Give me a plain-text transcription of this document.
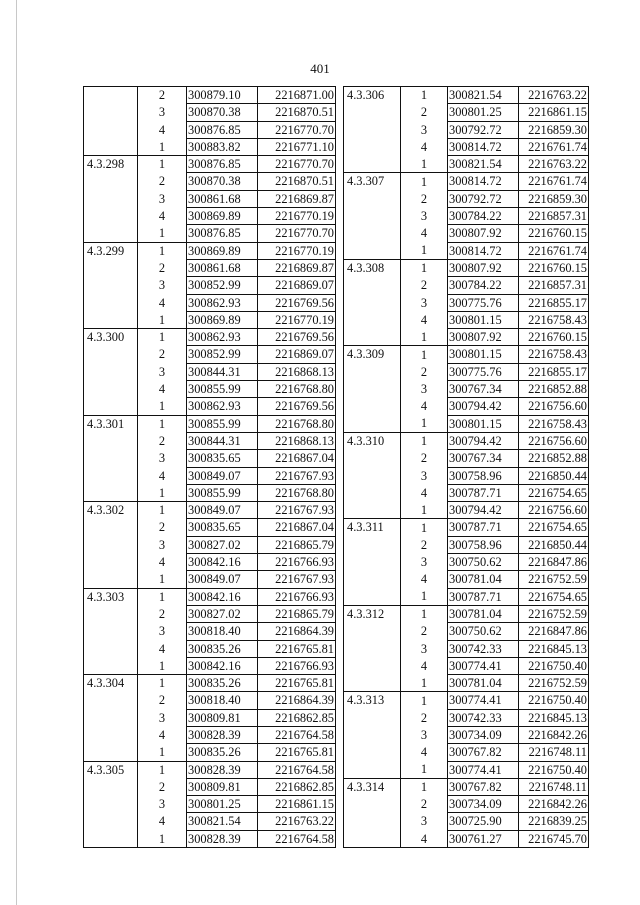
401
	2	300879.10	2216871.00
	3	300870.38	2216870.51
	4	300876.85	2216770.70
	1	300883.82	2216771.10
4.3.298	1	300876.85	2216770.70
	2	300870.38	2216870.51
	3	300861.68	2216869.87
	4	300869.89	2216770.19
	1	300876.85	2216770.70
4.3.299	1	300869.89	2216770.19
	2	300861.68	2216869.87
	3	300852.99	2216869.07
	4	300862.93	2216769.56
	1	300869.89	2216770.19
4.3.300	1	300862.93	2216769.56
	2	300852.99	2216869.07
	3	300844.31	2216868.13
	4	300855.99	2216768.80
	1	300862.93	2216769.56
4.3.301	1	300855.99	2216768.80
	2	300844.31	2216868.13
	3	300835.65	2216867.04
	4	300849.07	2216767.93
	1	300855.99	2216768.80
4.3.302	1	300849.07	2216767.93
	2	300835.65	2216867.04
	3	300827.02	2216865.79
	4	300842.16	2216766.93
	1	300849.07	2216767.93
4.3.303	1	300842.16	2216766.93
	2	300827.02	2216865.79
	3	300818.40	2216864.39
	4	300835.26	2216765.81
	1	300842.16	2216766.93
4.3.304	1	300835.26	2216765.81
	2	300818.40	2216864.39
	3	300809.81	2216862.85
	4	300828.39	2216764.58
	1	300835.26	2216765.81
4.3.305	1	300828.39	2216764.58
	2	300809.81	2216862.85
	3	300801.25	2216861.15
	4	300821.54	2216763.22
	1	300828.39	2216764.58
4.3.306	1	300821.54	2216763.22
	2	300801.25	2216861.15
	3	300792.72	2216859.30
	4	300814.72	2216761.74
	1	300821.54	2216763.22
4.3.307	1	300814.72	2216761.74
	2	300792.72	2216859.30
	3	300784.22	2216857.31
	4	300807.92	2216760.15
	1	300814.72	2216761.74
4.3.308	1	300807.92	2216760.15
	2	300784.22	2216857.31
	3	300775.76	2216855.17
	4	300801.15	2216758.43
	1	300807.92	2216760.15
4.3.309	1	300801.15	2216758.43
	2	300775.76	2216855.17
	3	300767.34	2216852.88
	4	300794.42	2216756.60
	1	300801.15	2216758.43
4.3.310	1	300794.42	2216756.60
	2	300767.34	2216852.88
	3	300758.96	2216850.44
	4	300787.71	2216754.65
	1	300794.42	2216756.60
4.3.311	1	300787.71	2216754.65
	2	300758.96	2216850.44
	3	300750.62	2216847.86
	4	300781.04	2216752.59
	1	300787.71	2216754.65
4.3.312	1	300781.04	2216752.59
	2	300750.62	2216847.86
	3	300742.33	2216845.13
	4	300774.41	2216750.40
	1	300781.04	2216752.59
4.3.313	1	300774.41	2216750.40
	2	300742.33	2216845.13
	3	300734.09	2216842.26
	4	300767.82	2216748.11
	1	300774.41	2216750.40
4.3.314	1	300767.82	2216748.11
	2	300734.09	2216842.26
	3	300725.90	2216839.25
	4	300761.27	2216745.70
